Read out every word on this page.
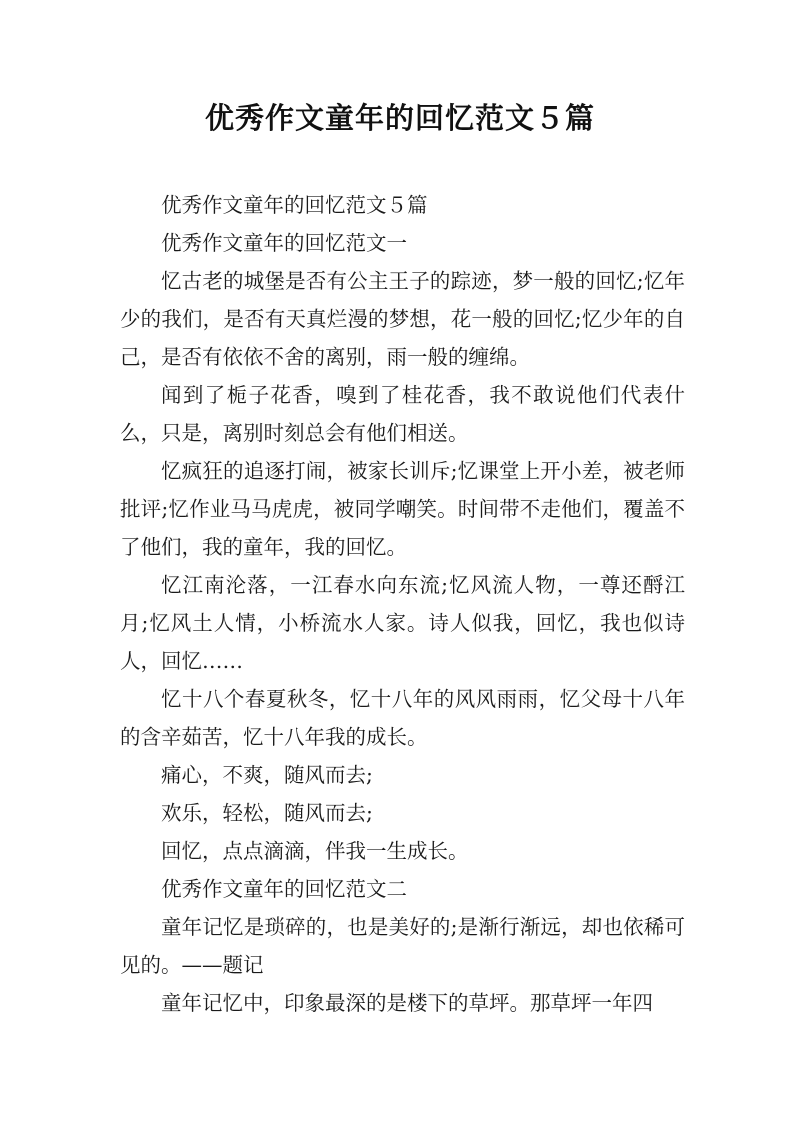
优秀作文童年的回忆范文５篇

优秀作文童年的回忆范文５篇

优秀作文童年的回忆范文一

忆古老的城堡是否有公主王子的踪迹，梦一般的回忆;忆年少的我们，是否有天真烂漫的梦想，花一般的回忆;忆少年的自己，是否有依依不舍的离别，雨一般的缠绵。

闻到了栀子花香，嗅到了桂花香，我不敢说他们代表什么，只是，离别时刻总会有他们相送。

忆疯狂的追逐打闹，被家长训斥;忆课堂上开小差，被老师批评;忆作业马马虎虎，被同学嘲笑。时间带不走他们，覆盖不了他们，我的童年，我的回忆。

忆江南沦落，一江春水向东流;忆风流人物，一尊还酹江月;忆风土人情，小桥流水人家。诗人似我，回忆，我也似诗人，回忆……

忆十八个春夏秋冬，忆十八年的风风雨雨，忆父母十八年的含辛茹苦，忆十八年我的成长。

痛心，不爽，随风而去;

欢乐，轻松，随风而去;

回忆，点点滴滴，伴我一生成长。

优秀作文童年的回忆范文二

童年记忆是琐碎的，也是美好的;是渐行渐远，却也依稀可见的。——题记

童年记忆中，印象最深的是楼下的草坪。那草坪一年四
